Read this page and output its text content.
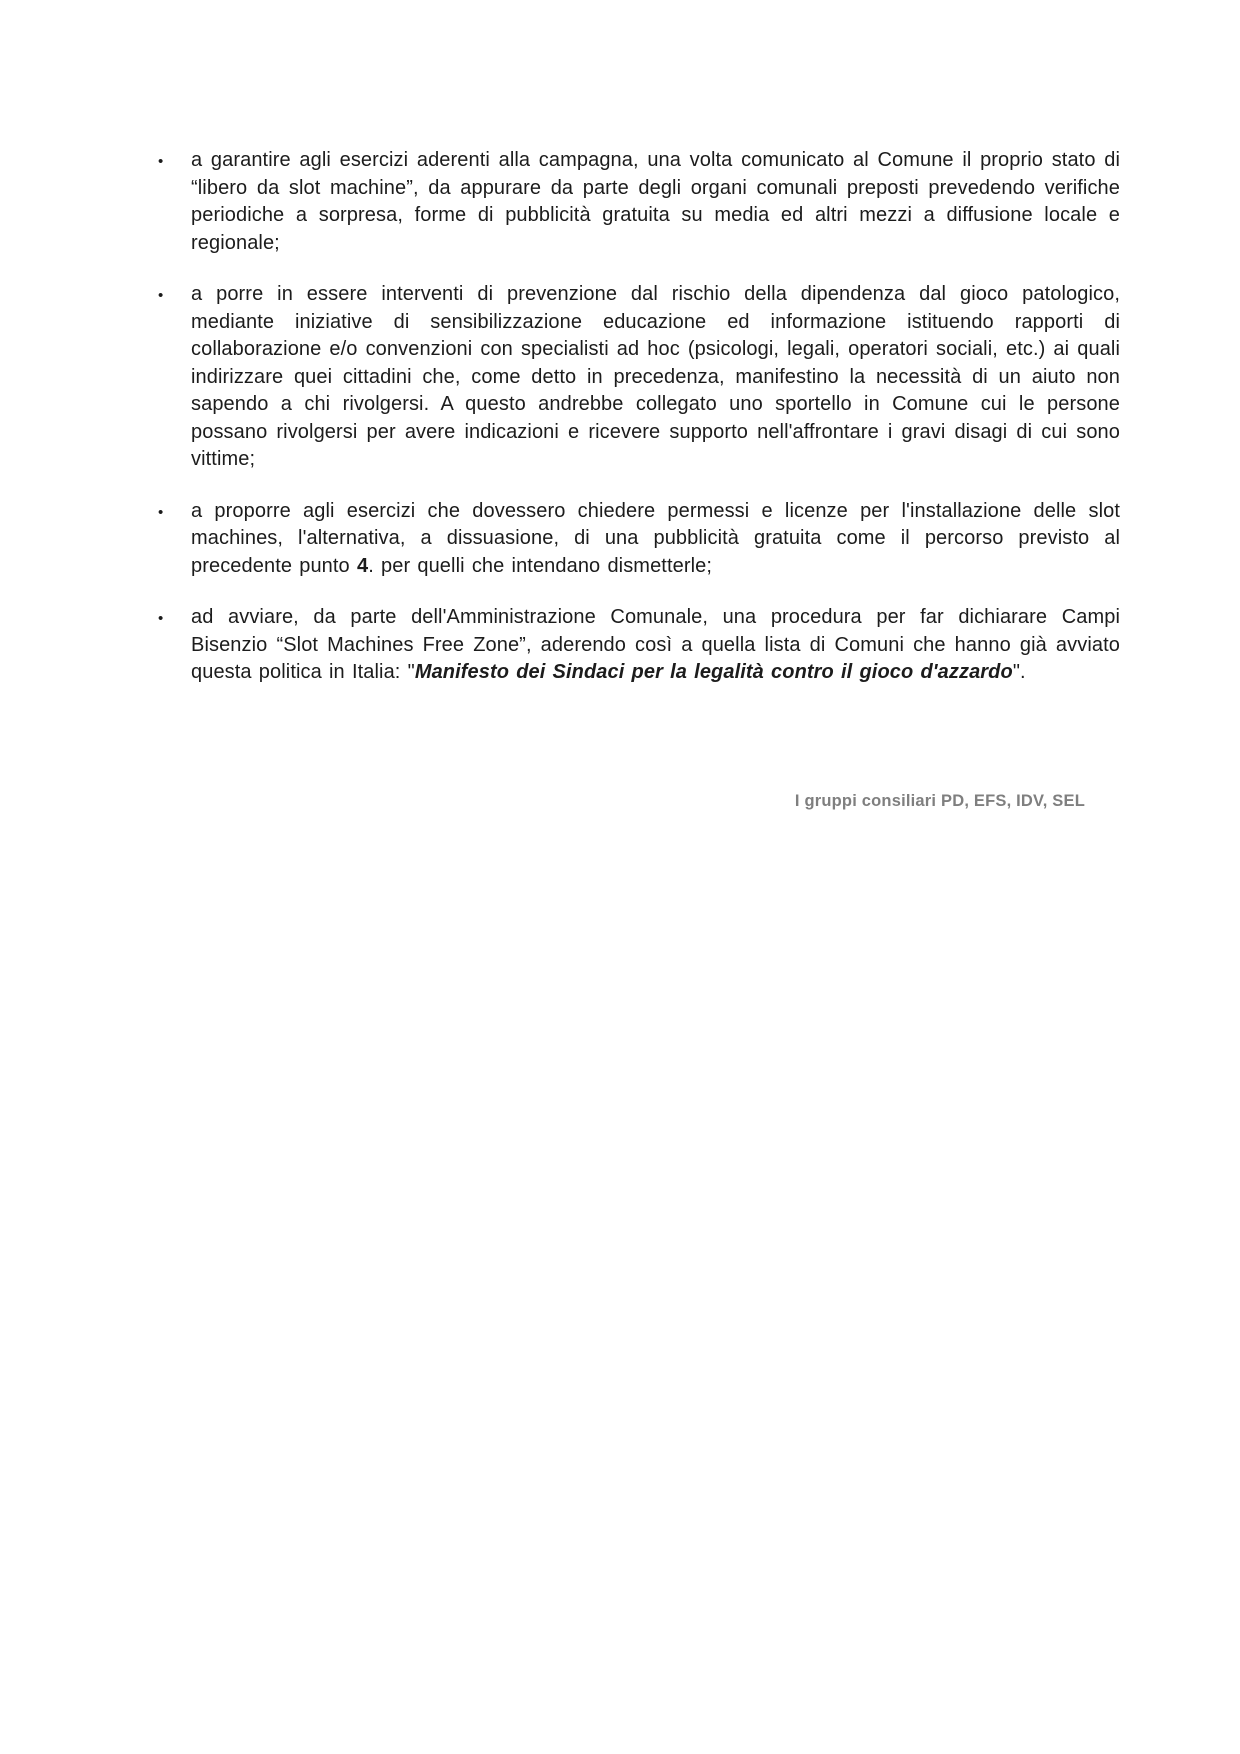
•	a garantire agli esercizi aderenti alla campagna, una volta comunicato al Comune il proprio stato di “libero da slot machine”, da appurare da parte degli organi comunali preposti prevedendo verifiche periodiche a sorpresa, forme di pubblicità gratuita su media ed altri mezzi a diffusione locale e regionale;
•	a porre in essere interventi di prevenzione dal rischio della dipendenza dal gioco patologico, mediante iniziative di sensibilizzazione educazione ed informazione istituendo rapporti di collaborazione e/o convenzioni con specialisti ad hoc (psicologi, legali, operatori sociali, etc.) ai quali indirizzare quei cittadini che, come detto in precedenza, manifestino la necessità di un aiuto non sapendo a chi rivolgersi. A questo andrebbe collegato uno sportello in Comune cui le persone possano rivolgersi per avere indicazioni e ricevere supporto nell'affrontare i gravi disagi di cui sono vittime;
•	a proporre agli esercizi che dovessero chiedere permessi e licenze per l'installazione delle slot machines, l'alternativa, a dissuasione, di una pubblicità gratuita come il percorso previsto al precedente punto 4. per quelli che intendano dismetterle;
•	ad avviare, da parte dell'Amministrazione Comunale, una procedura per far dichiarare Campi Bisenzio “Slot Machines Free Zone”, aderendo così a quella lista di Comuni che hanno già avviato questa politica in Italia: "Manifesto dei Sindaci per la legalità contro il gioco d'azzardo".
I gruppi consiliari PD, EFS, IDV, SEL
